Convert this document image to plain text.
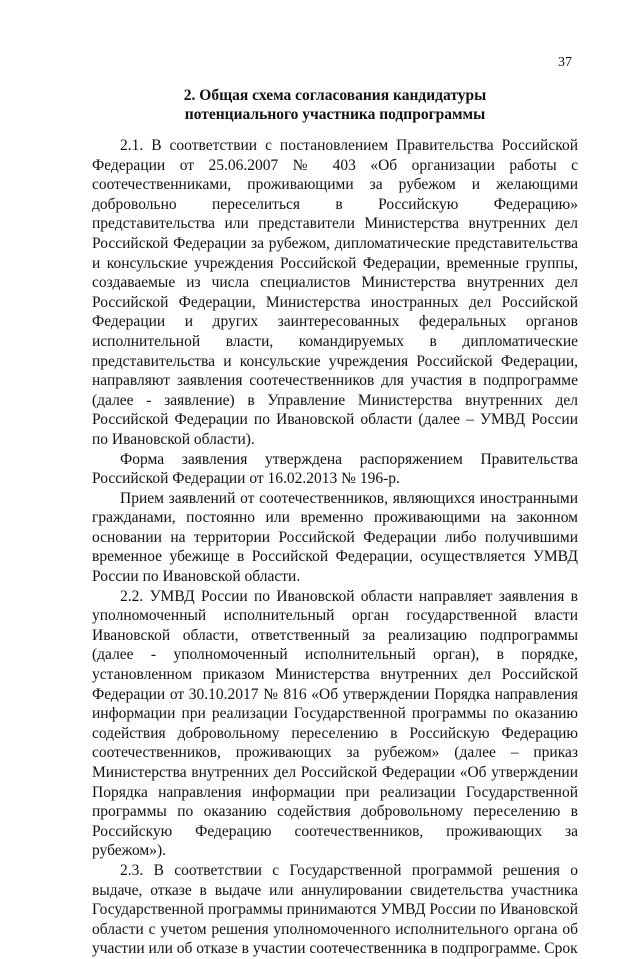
37
2. Общая схема согласования кандидатуры
потенциального участника подпрограммы

2.1. В соответствии с постановлением Правительства Российской Федерации от 25.06.2007 № 403 «Об организации работы с соотечественниками, проживающими за рубежом и желающими добровольно переселиться в Российскую Федерацию» представительства или представители Министерства внутренних дел Российской Федерации за рубежом, дипломатические представительства и консульские учреждения Российской Федерации, временные группы, создаваемые из числа специалистов Министерства внутренних дел Российской Федерации, Министерства иностранных дел Российской Федерации и других заинтересованных федеральных органов исполнительной власти, командируемых в дипломатические представительства и консульские учреждения Российской Федерации, направляют заявления соотечественников для участия в подпрограмме (далее - заявление) в Управление Министерства внутренних дел Российской Федерации по Ивановской области (далее – УМВД России по Ивановской области).

Форма заявления утверждена распоряжением Правительства Российской Федерации от 16.02.2013 № 196-р.

Прием заявлений от соотечественников, являющихся иностранными гражданами, постоянно или временно проживающими на законном основании на территории Российской Федерации либо получившими временное убежище в Российской Федерации, осуществляется УМВД России по Ивановской области.

2.2. УМВД России по Ивановской области направляет заявления в уполномоченный исполнительный орган государственной власти Ивановской области, ответственный за реализацию подпрограммы (далее - уполномоченный исполнительный орган), в порядке, установленном приказом Министерства внутренних дел Российской Федерации от 30.10.2017 № 816 «Об утверждении Порядка направления информации при реализации Государственной программы по оказанию содействия добровольному переселению в Российскую Федерацию соотечественников, проживающих за рубежом» (далее – приказ Министерства внутренних дел Российской Федерации «Об утверждении Порядка направления информации при реализации Государственной программы по оказанию содействия добровольному переселению в Российскую Федерацию соотечественников, проживающих за рубежом»).

2.3. В соответствии с Государственной программой решения о выдаче, отказе в выдаче или аннулировании свидетельства участника Государственной программы принимаются УМВД России по Ивановской области с учетом решения уполномоченного исполнительного органа об участии или об отказе в участии соотечественника в подпрограмме. Срок
